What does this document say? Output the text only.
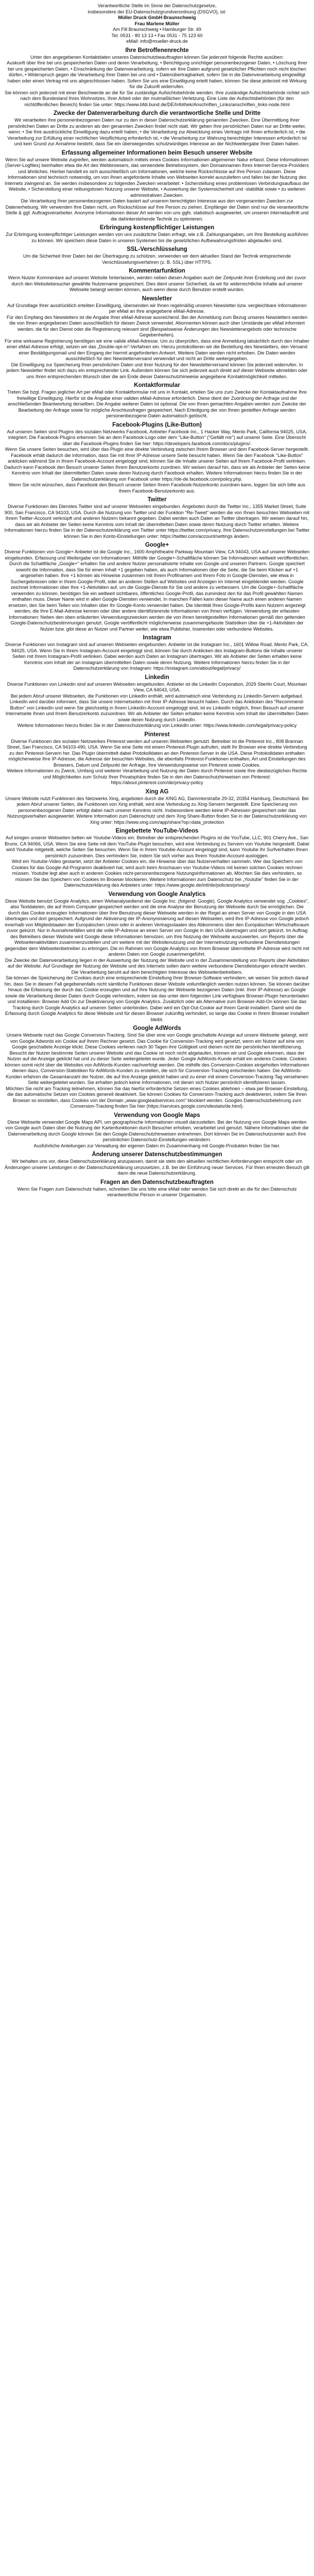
Verantwortliche Stelle im Sinne der Datenschutzgesetze,

insbesondere der EU-Datenschutzgrundverordnung (DSGVO), ist:

Müller Druck GmbH Braunschweig

Frau Marlene Müller

Am Fill Braunschweig • Hamburger Str. 49

Tel. 0531 - 80 13 13 • Fax 0531 - 75 123 60

eMail: info@mueller-druck.de

Ihre Betroffenenrechte

Unter den angegebenen Kontaktdaten unseres Datenschutzbeauftragten können Sie jederzeit folgende Rechte ausüben:

Auskunft über Ihre bei uns gespeicherten Daten und deren Verarbeitung, • Berichtigung unrichtiger personenbezogener Daten, • Löschung Ihrer bei uns gespeicherten Daten, • Einschränkung der Datenverarbeitung, sofern wir Ihre Daten aufgrund gesetzlicher Pflichten noch nicht löschen dürfen, • Widerspruch gegen die Verarbeitung Ihrer Daten bei uns und • Datenübertragbarkeit, sofern Sie in die Datenverarbeitung eingewilligt haben oder einen Vertrag mit uns abgeschlossen haben. Sofern Sie uns eine Einwilligung erteilt haben, können Sie diese jederzeit mit Wirkung für die Zukunft widerrufen.

Sie können sich jederzeit mit einer Beschwerde an die für Sie zuständige Aufsichtsbehörde wenden. Ihre zuständige Aufsichtsbehörde richtet sich nach dem Bundesland Ihres Wohnsitzes, Ihrer Arbeit oder der mutmaßlichen Verletzung. Eine Liste der Aufsichtsbehörden (für den nichtöffentlichen Bereich) finden Sie unter: https://www.bfdi.bund.de/DE/Infothek/Anschriften_Links/anschriften_links-node.html

Zwecke der Datenverarbeitung durch die verantwortliche Stelle und Dritte

Wir verarbeiten Ihre personenbezogenen Daten nur zu den in dieser Datenschutzerklärung genannten Zwecken. Eine Übermittlung Ihrer persönlichen Daten an Dritte zu anderen als den genannten Zwecken findet nicht statt. Wir geben Ihre persönlichen Daten nur an Dritte weiter, wenn: • Sie Ihre ausdrückliche Einwilligung dazu erteilt haben, • die Verarbeitung zur Abwicklung eines Vertrags mit Ihnen erforderlich ist, • die Verarbeitung zur Erfüllung einer rechtlichen Verpflichtung erforderlich ist, • die Verarbeitung zur Wahrung berechtigter Interessen erforderlich ist und kein Grund zur Annahme besteht, dass Sie ein überwiegendes schutzwürdiges Interesse an der Nichtweitergabe Ihrer Daten haben.

Erfassung allgemeiner Informationen beim Besuch unserer Website

Wenn Sie auf unsere Website zugreifen, werden automatisch mittels eines Cookies Informationen allgemeiner Natur erfasst. Diese Informationen (Server-Logfiles) beinhalten etwa die Art des Webbrowsers, das verwendete Betriebssystem, den Domainnamen Ihres Internet-Service-Providers und ähnliches. Hierbei handelt es sich ausschließlich um Informationen, welche keine Rückschlüsse auf Ihre Person zulassen. Diese Informationen sind technisch notwendig, um von Ihnen angeforderte Inhalte von Webseiten korrekt auszuliefern und fallen bei der Nutzung des Internets zwingend an. Sie werden insbesondere zu folgenden Zwecken verarbeitet: • Sicherstellung eines problemlosen Verbindungsaufbaus der Website, • Sicherstellung einer reibungslosen Nutzung unserer Website, • Auswertung der Systemsicherheit und -stabilität sowie • zu weiteren administrativen Zwecken.

Die Verarbeitung Ihrer personenbezogenen Daten basiert auf unserem berechtigten Interesse aus den vorgenannten Zwecken zur Datenerhebung. Wir verwenden Ihre Daten nicht, um Rückschlüsse auf Ihre Person zu ziehen. Empfänger der Daten sind nur die verantwortliche Stelle & ggf. Auftragsverarbeiter. Anonyme Informationen dieser Art werden von uns ggfs. statistisch ausgewertet, um unseren Internetauftritt und die dahinterstehende Technik zu optimieren.

Erbringung kostenpflichtiger Leistungen

Zur Erbringung kostenpflichtiger Leistungen werden von uns zusätzliche Daten erfragt, wie z.B. Zahlungsangaben, um Ihre Bestellung ausführen zu können. Wir speichern diese Daten in unseren Systemen bis die gesetzlichen Aufbewahrungsfristen abgelaufen sind.

SSL-Verschlüsselung

Um die Sicherheit Ihrer Daten bei der Übertragung zu schützen, verwenden wir dem aktuellen Stand der Technik entsprechende Verschlüsselungsverfahren (z. B. SSL) über HTTPS.

Kommentarfunktion

Wenn Nutzer Kommentare auf unserer Website hinterlassen, werden neben diesen Angaben auch der Zeitpunkt ihrer Erstellung und der zuvor durch den Websitebesucher gewählte Nutzername gespeichert. Dies dient unserer Sicherheit, da wir für widerrechtliche Inhalte auf unserer Webseite belangt werden können, auch wenn diese durch Benutzer erstellt wurden.

Newsletter

Auf Grundlage Ihrer ausdrücklich erteilten Einwilligung, übersenden wir Ihnen regelmäßig unseren Newsletter bzw. vergleichbare Informationen per eMail an Ihre angegebene eMail-Adresse.

Für den Empfang des Newsletters ist die Angabe Ihrer eMail-Adresse ausreichend. Bei der Anmeldung zum Bezug unseres Newsletters werden die von Ihnen angegebenen Daten ausschließlich für diesen Zweck verwendet. Abonnenten können auch über Umstände per eMail informiert werden, die für den Dienst oder die Registrierung relevant sind (Beispielsweise Änderungen des Newsletterangebots oder technische Gegebenheiten).

Für eine wirksame Registrierung benötigen wir eine valide eMail-Adresse. Um zu überprüfen, dass eine Anmeldung tatsächlich durch den Inhaber einer eMail-Adresse erfolgt, setzen wir das „Double-opt-in"-Verfahren ein. Hierzu protokollieren wir die Bestellung des Newsletters, den Versand einer Bestätigungsmail und den Eingang der hiermit angeforderten Antwort. Weitere Daten werden nicht erhoben. Die Daten werden ausschließlich für den Newsletterversand verwendet und nicht an Dritte weitergegeben.

Die Einwilligung zur Speicherung Ihrer persönlichen Daten und ihrer Nutzung für den Newsletterversand können Sie jederzeit widerrufen. In jedem Newsletter findet sich dazu ein entsprechender Link. Außerdem können Sie sich jederzeit auch direkt auf dieser Webseite abmelden oder uns Ihren entsprechenden Wunsch über die am Ende dieser Datenschutzhinweise angegebene Kontaktmöglichkeit mitteilen.

Kontaktformular

Treten Sie bzgl. Fragen jeglicher Art per eMail oder Kontaktformular mit uns in Kontakt, erteilen Sie uns zum Zwecke der Kontaktaufnahme Ihre freiwillige Einwilligung. Hierfür ist die Angabe einer validen eMail-Adresse erforderlich. Diese dient der Zuordnung der Anfrage und der anschließenden Beantwortung derselben. Die Angabe weiterer Daten ist optional. Die von Ihnen gemachten Angaben werden zum Zwecke der Bearbeitung der Anfrage sowie für mögliche Anschlussfragen gespeichert. Nach Erledigung der von Ihnen gestellten Anfrage werden personenbezogene Daten automatisch gelöscht.

Facebook-Plugins (Like-Button)

Auf unseren Seiten sind Plugins des sozialen Netzwerks Facebook, Anbieter Facebook Inc., 1 Hacker Way, Menlo Park, California 94025, USA, integriert. Die Facebook-Plugins erkennen Sie an dem Facebook-Logo oder dem "Like-Button" ("Gefällt mir") auf unserer Seite. Eine Übersicht über die Facebook-Plugins finden Sie hier: https://developers.facebook.com/docs/plugins/.

Wenn Sie unsere Seiten besuchen, wird über das Plugin eine direkte Verbindung zwischen Ihrem Browser und dem Facebook-Server hergestellt. Facebook erhält dadurch die Information, dass Sie mit Ihrer IP-Adresse unsere Seite besucht haben. Wenn Sie den Facebook "Like-Button" anklicken während Sie in Ihrem Facebook-Account eingeloggt sind, können Sie die Inhalte unserer Seiten auf Ihrem Facebook-Profil verlinken. Dadurch kann Facebook den Besuch unserer Seiten Ihrem Benutzerkonto zuordnen. Wir weisen darauf hin, dass wir als Anbieter der Seiten keine Kenntnis vom Inhalt der übermittelten Daten sowie deren Nutzung durch Facebook erhalten. Weitere Informationen hierzu finden Sie in der Datenschutzerklärung von Facebook unter https://de-de.facebook.com/policy.php.

Wenn Sie nicht wünschen, dass Facebook den Besuch unserer Seiten Ihrem Facebook-Nutzerkonto zuordnen kann, loggen Sie sich bitte aus Ihrem Facebook-Benutzerkonto aus.

Twitter

Diverse Funktionen des Dienstes Twitter sind auf unserer Webseiten eingebunden. Angeboten durch die Twitter Inc., 1355 Market Street, Suite 900, San Francisco, CA 94103, USA. Durch die Nutzung von Twitter und der Funktion "Re-Tweet" werden die von Ihnen besuchten Webseiten mit Ihrem Twitter-Account verknüpft und anderen Nutzern bekannt gegeben. Dabei werden auch Daten an Twitter übertragen. Wir weisen darauf hin, dass wir als Anbieter der Seiten keine Kenntnis vom Inhalt der übermittelten Daten sowie deren Nutzung durch Twitter erhalten. Weitere Informationen hierzu finden Sie in der Datenschutzerklärung von Twitter unter https://twitter.com/privacy. Ihre Datenschutzeinstellungen bei Twitter können Sie in den Konto-Einstellungen unter: https://twitter.com/account/settings ändern.

Google+

Diverse Funktionen von Google+ Anbieter ist die Google Inc., 1600 Amphitheatre Parkway Mountain View, CA 94043, USA auf unserer Webseiten eingebunden. Erfassung und Weitergabe von Informationen: Mithilfe der Google+-Schaltfläche können Sie Informationen weltweit veröffentlichen. Durch die Schaltfläche „Google+" erhalten Sie und andere Nutzer personalisierte Inhalte von Google und unseren Partnern. Google speichert sowohl die Information, dass Sie für einen Inhalt +1 gegeben haben, als auch Informationen über die Seite, die Sie beim Klicken auf +1 angesehen haben. Ihre +1 können als Hinweise zusammen mit Ihrem Profilnamen und Ihrem Foto in Google-Diensten, wie etwa in Suchergebnissen oder in Ihrem Google-Profil, oder an anderen Stellen auf Websites und Anzeigen im Internet eingeblendet werden. Google zeichnet Informationen über Ihre +1-Aktivitäten auf, um die Google-Dienste für Sie und andere zu verbessern. Um die Google+-Schaltfläche verwenden zu können, benötigen Sie ein weltweit sichtbares, öffentliches Google-Profil, das zumindest den für das Profil gewählten Namen enthalten muss. Dieser Name wird in allen Google-Diensten verwendet. In manchen Fällen kann dieser Name auch einen anderen Namen ersetzen, den Sie beim Teilen von Inhalten über Ihr Google-Konto verwendet haben. Die Identität Ihres Google-Profils kann Nutzern angezeigt werden, die Ihre E-Mail-Adresse kennen oder über andere identifizierende Informationen von Ihnen verfügen. Verwendung der erfassten Informationen: Neben den oben erläuterten Verwendungszwecken werden die von Ihnen bereitgestellten Informationen gemäß den geltenden Google-Datenschutzbestimmungen genutzt. Google veröffentlicht möglicherweise zusammengefasste Statistiken über die +1-Aktivitäten der Nutzer bzw. gibt diese an Nutzer und Partner weiter, wie etwa Publisher, Inserenten oder verbundene Websites.

Instagram

Diverse Funktionen von Instagram sind auf unseren Webseiten eingebunden. Anbieter ist die Instagram Inc., 1601 Willow Road, Menlo Park, CA, 94025, USA. Wenn Sie in Ihrem Instagram-Account eingeloggt sind, können Sie durch Anklicken des Instagram-Buttons die Inhalte unserer Seiten mit Ihrem Instagram-Profil verlinken. Dabei werden auch Daten an Instagram übertragen. Wir als Anbieter der Seiten erhalten keine Kenntnis vom Inhalt der an Instagram übermittelten Daten sowie deren Nutzung. Weitere Informationen hierzu finden Sie in der Datenschutzerklärung von Instagram: https://instagram.com/about/legal/privacy/

Linkedin

Diverse Funktionen von Linkedin sind auf unseren Webseiten eingebunden. Anbieter ist die LinkedIn Corporation, 2029 Stierlin Court, Mountain View, CA 94043, USA.

Bei jedem Abruf unserer Webseiten, die Funktionen von LinkedIn enthält, wird automatisch eine Verbindung zu LinkedIn-Servern aufgebaut. LinkedIn wird darüber informiert, dass Sie unsere Internetseiten mit Ihrer IP-Adresse besucht haben. Durch das Anklicken des "Recommend-Button" von LinkedIn und wenn Sie gleichzeitig in Ihrem LinkedIn-Account eingeloggt sind, ist es LinkedIn möglich, Ihren Besuch auf unserer Internetseite Ihnen und Ihrem Benutzerkonto zuzuordnen. Wir als Anbieter der Seiten erhalten keine Kenntnis vom Inhalt der übermittelten Daten sowie deren Nutzung durch LinkedIn.

Weitere Informationen hierzu finden Sie in der Datenschutzerklärung von LinkedIn unter: https://www.linkedin.com/legal/privacy-policy

Pinterest

Diverse Funktionen des sozialen Netzwerkes Pinterest werden auf unseren Webseiten genutzt. Betreiber ist die Pinterest Inc., 808 Brannan Street, San Francisco, CA 94103-490, USA. Wenn Sie eine Seite mit einem Pinterest-Plugin aufrufen, stellt Ihr Browser eine direkte Verbindung zu den Pinterest-Servern her. Das Plugin übermittelt dabei Protokolldaten an den Pinterest-Server in die USA. Diese Protokolldaten enthalten möglicherweise Ihre IP-Adresse, die Adresse der besuchten Websites, die ebenfalls Pinterest-Funktionen enthalten, Art und Einstellungen des Browsers, Datum und Zeitpunkt der Anfrage, Ihre Verwendungsweise von Pinterest sowie Cookies.

Weitere Informationen zu Zweck, Umfang und weiterer Verarbeitung und Nutzung der Daten durch Pinterest sowie Ihre diesbezüglichen Rechte und Möglichkeiten zum Schutz Ihrer Privatsphäre finden Sie in den den Datenschutzhinweisen von Pinterest: https://about.pinterest.com/de/privacy-policy

Xing AG

Unsere Website nutzt Funktionen des Netzwerks Xing, angeboten durch die XING AG, Dammtorstraße 29-32, 20354 Hamburg, Deutschland. Bei jedem Abruf unserer Seiten, die Funktionen von Xing enthält, wird eine Verbindung zu Xing-Servern hergestellt. Eine Speicherung von personenbezogenen Daten erfolgt dabei nach unserer Kenntnis nicht. Insbesondere werden keine IP-Adressen gespeichert oder das Nutzungsverhalten ausgewertet. Weitere Information zum Datenschutz und dem Xing Share-Button finden Sie in der Datenschutzerklärung von Xing unter: https://www.xing.com/app/share?op=data_protection

Eingebettete YouTube-Videos

Auf einigen unserer Webseiten betten wir Youtube-Videos ein. Betreiber der entsprechenden Plugins ist die YouTube, LLC, 901 Cherry Ave., San Bruno, CA 94066, USA. Wenn Sie eine Seite mit dem YouTube-Plugin besuchen, wird eine Verbindung zu Servern von Youtube hergestellt. Dabei wird Youtube mitgeteilt, welche Seiten Sie besuchen. Wenn Sie in Ihrem Youtube-Account eingeloggt sind, kann Youtube Ihr Surfverhalten Ihnen persönlich zuzuordnen. Dies verhindern Sie, indem Sie sich vorher aus Ihrem Youtube-Account ausloggen.

Wird ein Youtube-Video gestartet, setzt der Anbieter Cookies ein, die Hinweise über das Nutzerverhalten sammeln. Wer das Speichern von Cookies für das Google-Ad-Programm deaktiviert hat, wird auch beim Anschauen von Youtube-Videos mit keinen solchen Cookies rechnen müssen. Youtube legt aber auch in anderen Cookies nicht-personenbezogene Nutzungsinformationen ab. Möchten Sie dies verhindern, so müssen Sie das Speichern von Cookies im Browser blockieren. Weitere Informationen zum Datenschutz bei „Youtube" finden Sie in der Datenschutzerklärung des Anbieters unter: https://www.google.de/intl/de/policies/privacy/

Verwendung von Google Analytics

Diese Website benutzt Google Analytics, einen Webanalysedienst der Google Inc. (folgend: Google). Google Analytics verwendet sog. „Cookies", also Textdateien, die auf Ihrem Computer gespeichert werden und die eine Analyse der Benutzung der Webseite durch Sie ermöglichen. Die durch das Cookie erzeugten Informationen über Ihre Benutzung dieser Webseite werden in der Regel an einen Server von Google in den USA übertragen und dort gespeichert. Aufgrund der Aktivierung der IP-Anonymisierung auf diesen Webseiten, wird Ihre IP-Adresse von Google jedoch innerhalb von Mitgliedstaaten der Europäischen Union oder in anderen Vertragsstaaten des Abkommens über den Europäischen Wirtschaftsraum zuvor gekürzt. Nur in Ausnahmefällen wird die volle IP-Adresse an einen Server von Google in den USA übertragen und dort gekürzt. Im Auftrag des Betreibers dieser Website wird Google diese Informationen benutzen, um Ihre Nutzung der Webseite auszuwerten, um Reports über die Webseitenaktivitäten zusammenzustellen und um weitere mit der Websitenutzung und der Internetnutzung verbundene Dienstleistungen gegenüber dem Webseitenbetreiber zu erbringen. Die im Rahmen von Google Analytics von Ihrem Browser übermittelte IP-Adresse wird nicht mit anderen Daten von Google zusammengeführt.

Die Zwecke der Datenverarbeitung liegen in der Auswertung der Nutzung der Website und in der Zusammenstellung von Reports über Aktivitäten auf der Website. Auf Grundlage der Nutzung der Website und des Internets sollen dann weitere verbundene Dienstleistungen erbracht werden. Die Verarbeitung beruht auf dem berechtigten Interesse des Webseitenbetreibers.

Sie können die Speicherung der Cookies durch eine entsprechende Einstellung Ihrer Browser-Software verhindern; wir weisen Sie jedoch darauf hin, dass Sie in diesem Fall gegebenenfalls nicht sämtliche Funktionen dieser Website vollumfänglich werden nutzen können. Sie können darüber hinaus die Erfassung der durch das Cookie erzeugten und auf Ihre Nutzung der Webseite bezogenen Daten (inkl. Ihrer IP-Adresse) an Google sowie die Verarbeitung dieser Daten durch Google verhindern, indem sie das unter dem folgenden Link verfügbare Browser-Plugin herunterladen und installieren: Browser Add On zur Deaktivierung von Google Analytics. Zusätzlich oder als Alternative zum Browser-Add-On können Sie das Tracking durch Google Analytics auf unseren Seiten unterbinden. Dabei wird ein Opt-Out-Cookie auf Ihrem Gerät installiert. Damit wird die Erfassung durch Google Analytics für diese Website und für diesen Browser zukünftig verhindert, so lange das Cookie in Ihrem Browser installiert bleibt.

Google AdWords

Unsere Webseite nutzt das Google Conversion-Tracking. Sind Sie über eine von Google geschaltete Anzeige auf unsere Webseite gelangt, wird von Google Adwords ein Cookie auf Ihrem Rechner gesetzt. Das Cookie für Conversion-Tracking wird gesetzt, wenn ein Nutzer auf eine von Google geschaltete Anzeige klickt. Diese Cookies verlieren nach 30 Tagen ihre Gültigkeit und dienen nicht der persönlichen Identifizierung. Besucht der Nutzer bestimmte Seiten unserer Website und das Cookie ist noch nicht abgelaufen, können wir und Google erkennen, dass der Nutzer auf die Anzeige geklickt hat und zu dieser Seite weitergeleitet wurde. Jeder Google AdWords-Kunde erhält ein anderes Cookie. Cookies können somit nicht über die Websites von AdWords-Kunden nachverfolgt werden. Die mithilfe des Conversion-Cookies eingeholten Informationen dienen dazu, Conversion-Statistiken für AdWords-Kunden zu erstellen, die sich für Conversion-Tracking entschieden haben. Die AdWords-Kunden erfahren die Gesamtanzahl der Nutzer, die auf ihre Anzeige geklickt haben und zu einer mit einem Conversion-Tracking-Tag versehenen Seite weitergeleitet wurden. Sie erhalten jedoch keine Informationen, mit denen sich Nutzer persönlich identifizieren lassen.

Möchten Sie nicht am Tracking teilnehmen, können Sie das hierfür erforderliche Setzen eines Cookies ablehnen – etwa per Browser-Einstellung, die das automatische Setzen von Cookies generell deaktiviert. Sie können Cookies für Conversion-Tracking auch deaktivieren, indem Sie Ihren Browser so einstellen, dass Cookies von der Domain „www.googleadservices.com" blockiert werden. Googles Datenschutzbelehrung zum Conversion-Tracking finden Sie hier (https://services.google.com/sitestats/de.html).

Verwendung von Google Maps

Diese Webseite verwendet Google Maps API, um geographische Informationen visuell darzustellen. Bei der Nutzung von Google Maps werden von Google auch Daten über die Nutzung der Kartenfunktionen durch Besucher erhoben, verarbeitet und genutzt. Nähere Informationen über die Datenverarbeitung durch Google können Sie den Google-Datenschutzhinweisen entnehmen. Dort können Sie im Datenschutzcenter auch Ihre persönlichen Datenschutz-Einstellungen verändern.

Ausführliche Anleitungen zur Verwaltung der eigenen Daten im Zusammenhang mit Google-Produkten finden Sie hier.

Änderung unserer Datenschutzbestimmungen

Wir behalten uns vor, diese Datenschutzerklärung anzupassen, damit sie stets den aktuellen rechtlichen Anforderungen entspricht oder um Änderungen unserer Leistungen in der Datenschutzerklärung umzusetzen, z.B. bei der Einführung neuer Services. Für Ihren erneuten Besuch gilt dann die neue Datenschutzerklärung.

Fragen an den Datenschutzbeauftragten

Wenn Sie Fragen zum Datenschutz haben, schreiben Sie uns bitte eine eMail oder wenden Sie sich direkt an die für den Datenschutz verantwortliche Person in unserer Organisation.
